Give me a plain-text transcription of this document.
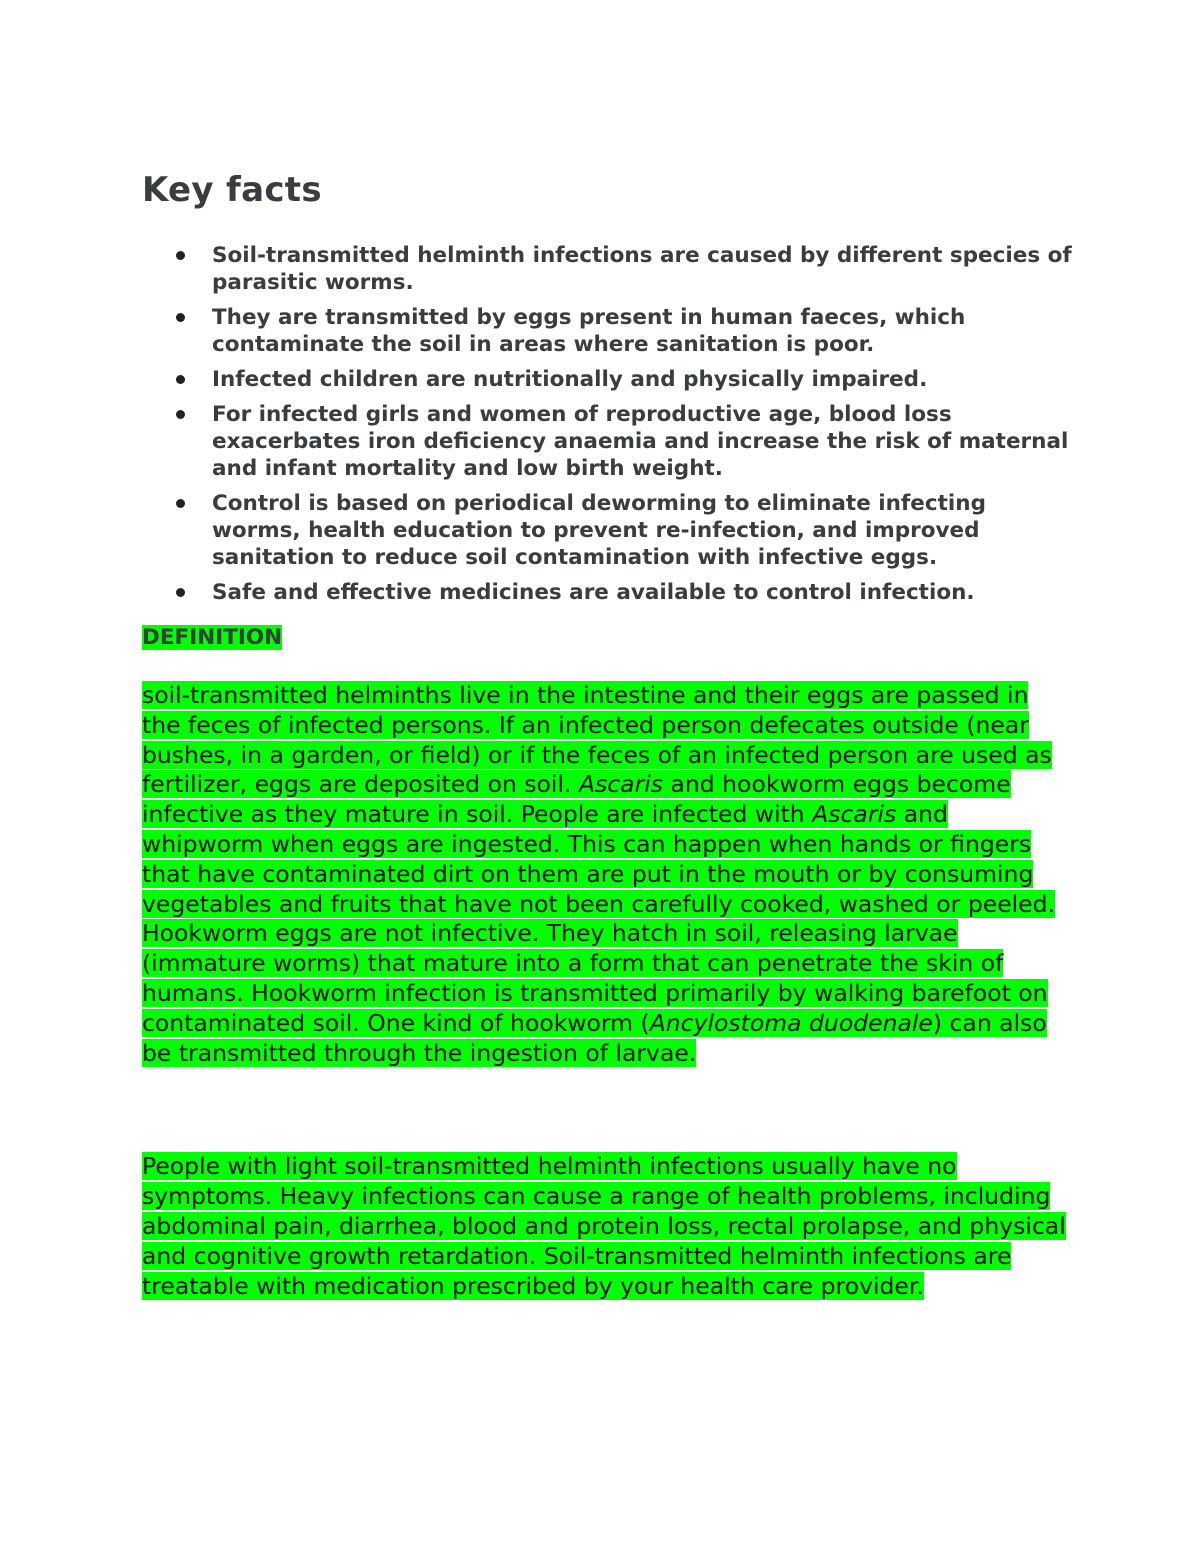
Key facts
Soil-transmitted helminth infections are caused by different species of parasitic worms.
They are transmitted by eggs present in human faeces, which contaminate the soil in areas where sanitation is poor.
Infected children are nutritionally and physically impaired.
For infected girls and women of reproductive age, blood loss exacerbates iron deficiency anaemia and increase the risk of maternal and infant mortality and low birth weight.
Control is based on periodical deworming to eliminate infecting worms, health education to prevent re-infection, and improved sanitation to reduce soil contamination with infective eggs.
Safe and effective medicines are available to control infection.
DEFINITION

soil-transmitted helminths live in the intestine and their eggs are passed in the feces of infected persons. If an infected person defecates outside (near bushes, in a garden, or field) or if the feces of an infected person are used as fertilizer, eggs are deposited on soil. Ascaris and hookworm eggs become infective as they mature in soil. People are infected with Ascaris and whipworm when eggs are ingested. This can happen when hands or fingers that have contaminated dirt on them are put in the mouth or by consuming vegetables and fruits that have not been carefully cooked, washed or peeled. Hookworm eggs are not infective. They hatch in soil, releasing larvae (immature worms) that mature into a form that can penetrate the skin of humans. Hookworm infection is transmitted primarily by walking barefoot on contaminated soil. One kind of hookworm (Ancylostoma duodenale) can also be transmitted through the ingestion of larvae.

People with light soil-transmitted helminth infections usually have no symptoms. Heavy infections can cause a range of health problems, including abdominal pain, diarrhea, blood and protein loss, rectal prolapse, and physical and cognitive growth retardation. Soil-transmitted helminth infections are treatable with medication prescribed by your health care provider.
